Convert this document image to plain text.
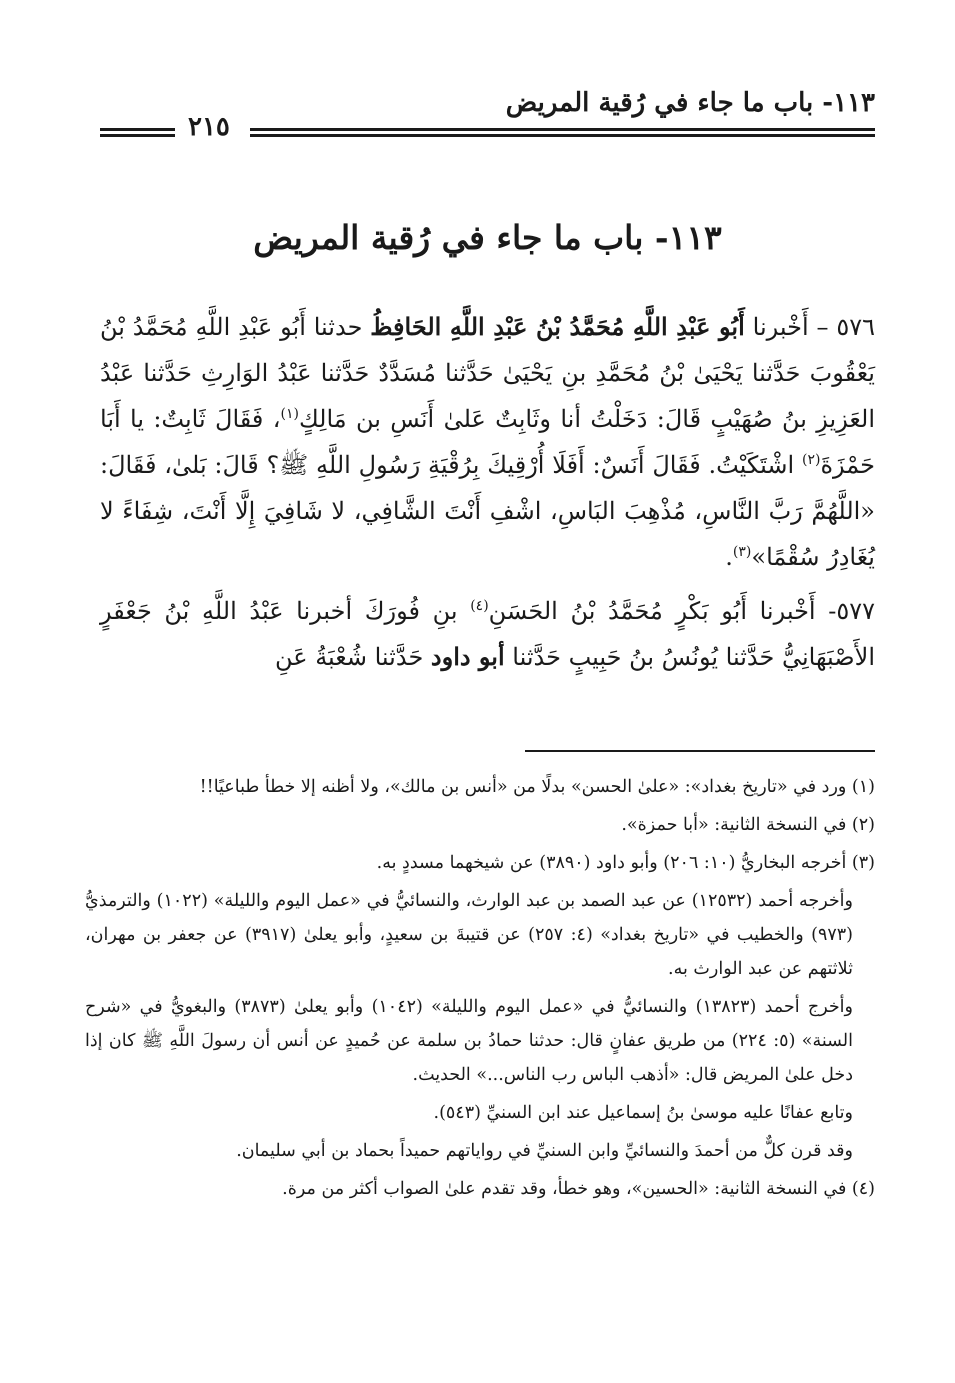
١١٣- باب ما جاء في رُقية المريض
٢١٥
١١٣- باب ما جاء في رُقية المريض

٥٧٦ – أَخْبرنا أَبُو عَبْدِ اللَّهِ مُحَمَّدُ بْنُ عَبْدِ اللَّهِ الحَافِظُ حدثنا أَبُو عَبْدِ اللَّهِ مُحَمَّدُ بْنُ يَعْقُوبَ حَدَّثنا يَحْيَىٰ بْنُ مُحَمَّدِ بنِ يَحْيَىٰ حَدَّثنا مُسَدَّدٌ حَدَّثنا عَبْدُ الوَارِثِ حَدَّثنا عَبْدُ العَزِيزِ بنُ صُهَيْبٍ قَالَ: دَخَلْتُ أنا وثَابِتٌ عَلىٰ أَنَسِ بن مَالِكٍ$^{(١)}$، فَقَالَ ثَابِتٌ: يا أَبَا حَمْزَةَ$^{(٢)}$ اشْتَكَيْتُ. فَقَالَ أَنَسٌ: أَفَلَا أُرْقِيكَ بِرُقْيَةِ رَسُولِ اللَّهِ ﷺ؟ قَالَ: بَلىٰ، فَقَالَ: «اللَّهُمَّ رَبَّ النَّاسِ، مُذْهِبَ البَاسِ، اشْفِ أَنْتَ الشَّافِي، لا شَافِيَ إِلَّا أَنْتَ، شِفَاءً لا يُغَادِرُ سُقْمًا»$^{(٣)}$.

٥٧٧- أَخْبرنا أَبُو بَكْرٍ مُحَمَّدُ بْنُ الحَسَنِ$^{(٤)}$ بنِ فُورَكَ أخبرنا عَبْدُ اللَّهِ بْنُ جَعْفَرٍ الأَصْبَهَانِيُّ حَدَّثنا يُونُسُ بنُ حَبِيبٍ حَدَّثنا أبو داود حَدَّثنا شُعْبَةُ عَنِ

(١) ورد في «تاريخ بغداد»: «علىٰ الحسن» بدلًا من «أنس بن مالك»، ولا أظنه إلا خطأ طباعيًا!!

(٢) في النسخة الثانية: «أبا حمزة».

(٣) أخرجه البخاريُّ (١٠: ٢٠٦) وأبو داود (٣٨٩٠) عن شيخهما مسددٍ به.

وأخرجه أحمد (١٢٥٣٢) عن عبد الصمد بن عبد الوارث، والنسائيُّ في «عمل اليوم والليلة» (١٠٢٢) والترمذيُّ (٩٧٣) والخطيب في «تاريخ بغداد» (٤: ٢٥٧) عن قتيبةَ بن سعيدٍ، وأبو يعلىٰ (٣٩١٧) عن جعفر بن مهران، ثلاثتهم عن عبد الوارث به.

وأخرج أحمد (١٣٨٢٣) والنسائيُّ في «عمل اليوم والليلة» (١٠٤٢) وأبو يعلىٰ (٣٨٧٣) والبغويُّ في «شرح السنة» (٥: ٢٢٤) من طريق عفانٍ قال: حدثنا حمادُ بن سلمة عن حُميدٍ عن أنس أن رسولَ اللَّهِ ﷺ كان إذا دخل علىٰ المريض قال: «أذهب الباس رب الناس...» الحديث.

وتابع عفانًا عليه موسىٰ بنُ إسماعيل عند ابن السنيِّ (٥٤٣).

وقد قرن كلٌّ من أحمدَ والنسائيِّ وابن السنيِّ في رواياتهم حميداً بحماد بن أبي سليمان.

(٤) في النسخة الثانية: «الحسين»، وهو خطأ، وقد تقدم علىٰ الصواب أكثر من مرة.
